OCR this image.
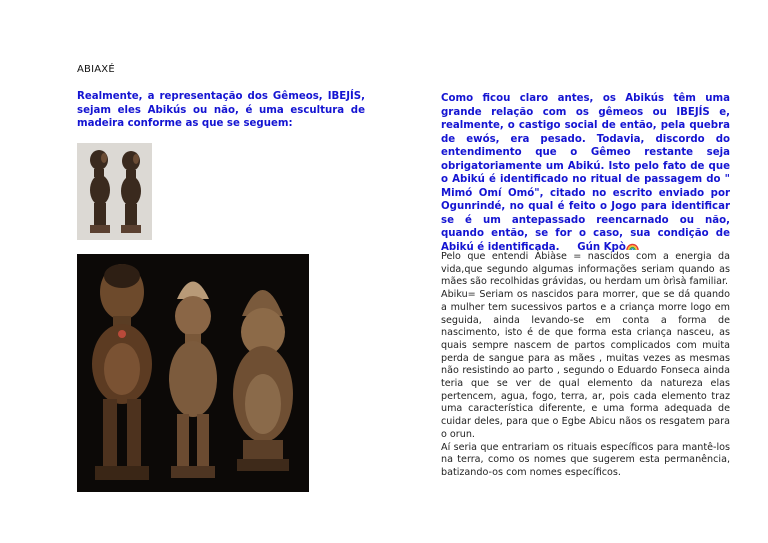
ABIAXÉ
Realmente, a representação dos Gêmeos, IBEJÍS, sejam eles Abikús ou não, é uma escultura de madeira conforme as que se seguem:
Como ficou claro antes, os Abikús têm uma grande relação com os gêmeos ou IBEJÍS e, realmente, o castigo social de então, pela quebra de ewós, era pesado. Todavia, discordo do entendimento que o Gêmeo restante seja obrigatoriamente um Abikú. Isto pelo fato de que o Abikú é identificado no ritual de passagem do " Mimó Omí Omó", citado no escrito enviado por Ogunrindé, no qual é feito o Jogo para identificar se é um antepassado reencarnado ou não, quando então, se for o caso, sua condição de Abikú é identificada. Gún Kpò

Pelo que entendi Àbiàse = nascidos com a energia da vida,que segundo algumas informações seriam quando as mães são recolhidas grávidas, ou herdam um òrìsà familiar.

Abiku= Seriam os nascidos para morrer, que se dá quando a mulher tem sucessivos partos e a criança morre logo em seguida, ainda levando-se em conta a forma de nascimento, isto é de que forma esta criança nasceu, as quais sempre nascem de partos complicados com muita perda de sangue para as mães , muitas vezes as mesmas não resistindo ao parto , segundo o Eduardo Fonseca ainda teria que se ver de qual elemento da natureza elas pertencem, agua, fogo, terra, ar, pois cada elemento traz uma característica diferente, e uma forma adequada de cuidar deles, para que o Egbe Abicu nãos os resgatem para o orun.

Aí seria que entrariam os rituais específicos para mantê-los na terra, como os nomes que sugerem esta permanência, batizando-os com nomes específicos.
